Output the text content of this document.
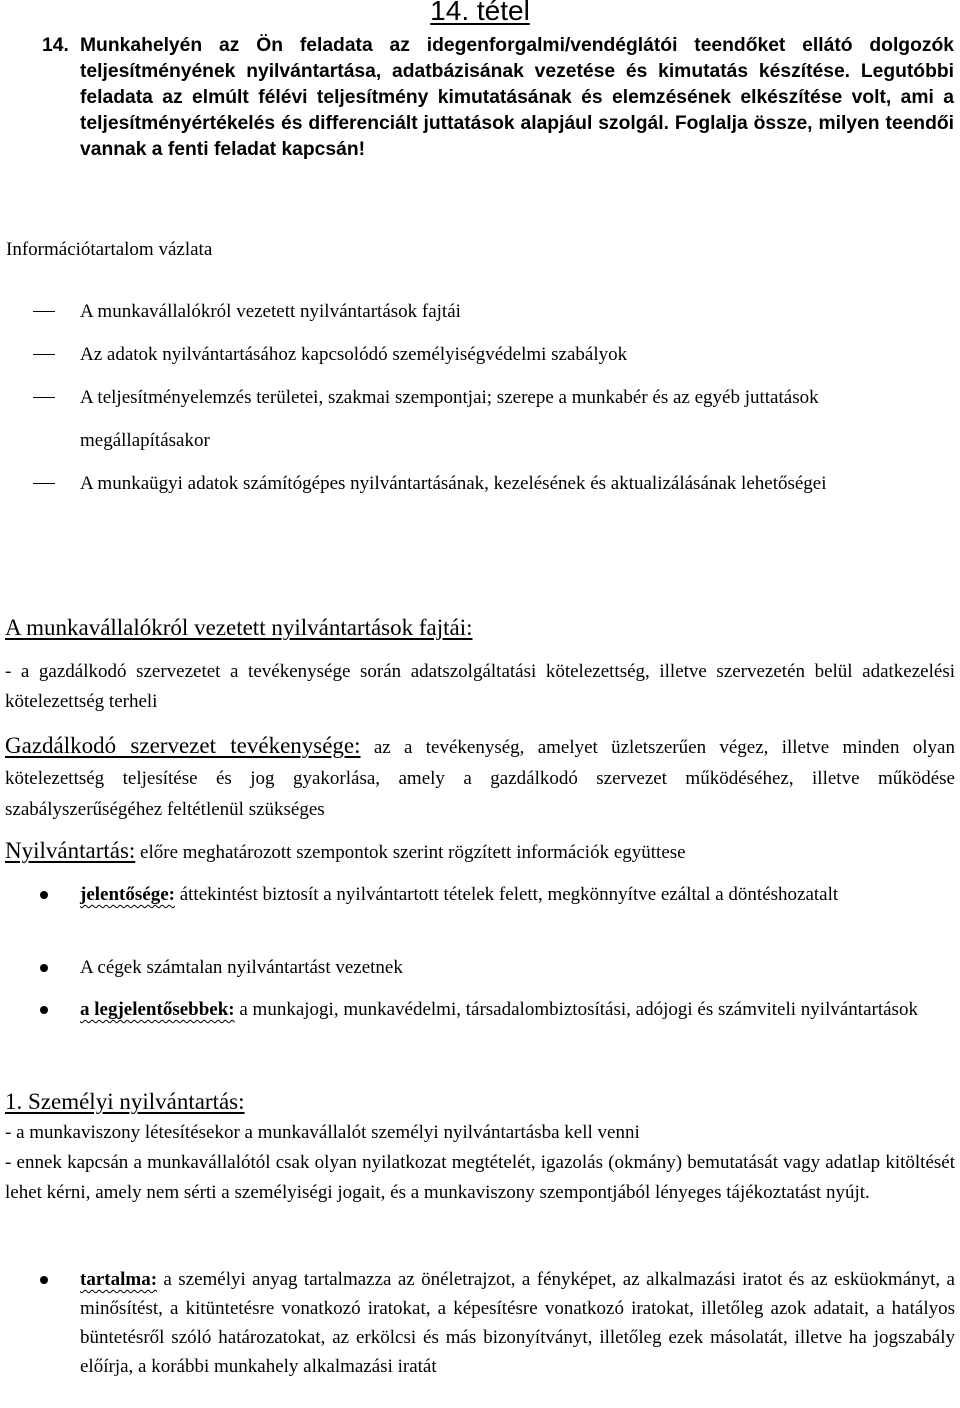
14. tétel

14. Munkahelyén az Ön feladata az idegenforgalmi/vendéglátói teendőket ellátó dolgozók teljesítményének nyilvántartása, adatbázisának vezetése és kimutatás készítése. Legutóbbi feladata az elmúlt félévi teljesítmény kimutatásának és elemzésének elkészítése volt, ami a teljesítményértékelés és differenciált juttatások alapjául szolgál. Foglalja össze, milyen teendői vannak a fenti feladat kapcsán!

Információtartalom vázlata
A munkavállalókról vezetett nyilvántartások fajtái
Az adatok nyilvántartásához kapcsolódó személyiségvédelmi szabályok
A teljesítményelemzés területei, szakmai szempontjai; szerepe a munkabér és az egyéb juttatások megállapításakor
A munkaügyi adatok számítógépes nyilvántartásának, kezelésének és aktualizálásának lehetőségei
A munkavállalókról vezetett nyilvántartások fajtái:

- a gazdálkodó szervezetet a tevékenysége során adatszolgáltatási kötelezettség, illetve szervezetén belül adatkezelési kötelezettség terheli

Gazdálkodó szervezet tevékenysége: az a tevékenység, amelyet üzletszerűen végez, illetve minden olyan kötelezettség teljesítése és jog gyakorlása, amely a gazdálkodó szervezet működéséhez, illetve működése szabályszerűségéhez feltétlenül szükséges

Nyilvántartás: előre meghatározott szempontok szerint rögzített információk együttese

jelentősége: áttekintést biztosít a nyilvántartott tételek felett, megkönnyítve ezáltal a döntéshozatalt
A cégek számtalan nyilvántartást vezetnek
a legjelentősebbek: a munkajogi, munkavédelmi, társadalombiztosítási, adójogi és számviteli nyilvántartások
1. Személyi nyilvántartás:

- a munkaviszony létesítésekor a munkavállalót személyi nyilvántartásba kell venni

- ennek kapcsán a munkavállalótól csak olyan nyilatkozat megtételét, igazolás (okmány) bemutatását vagy adatlap kitöltését lehet kérni, amely nem sérti a személyiségi jogait, és a munkaviszony szempontjából lényeges tájékoztatást nyújt.

tartalma: a személyi anyag tartalmazza az önéletrajzot, a fényképet, az alkalmazási iratot és az esküokmányt, a minősítést, a kitüntetésre vonatkozó iratokat, a képesítésre vonatkozó iratokat, illetőleg azok adatait, a hatályos büntetésről szóló határozatokat, az erkölcsi és más bizonyítványt, illetőleg ezek másolatát, illetve ha jogszabály előírja, a korábbi munkahely alkalmazási iratát
